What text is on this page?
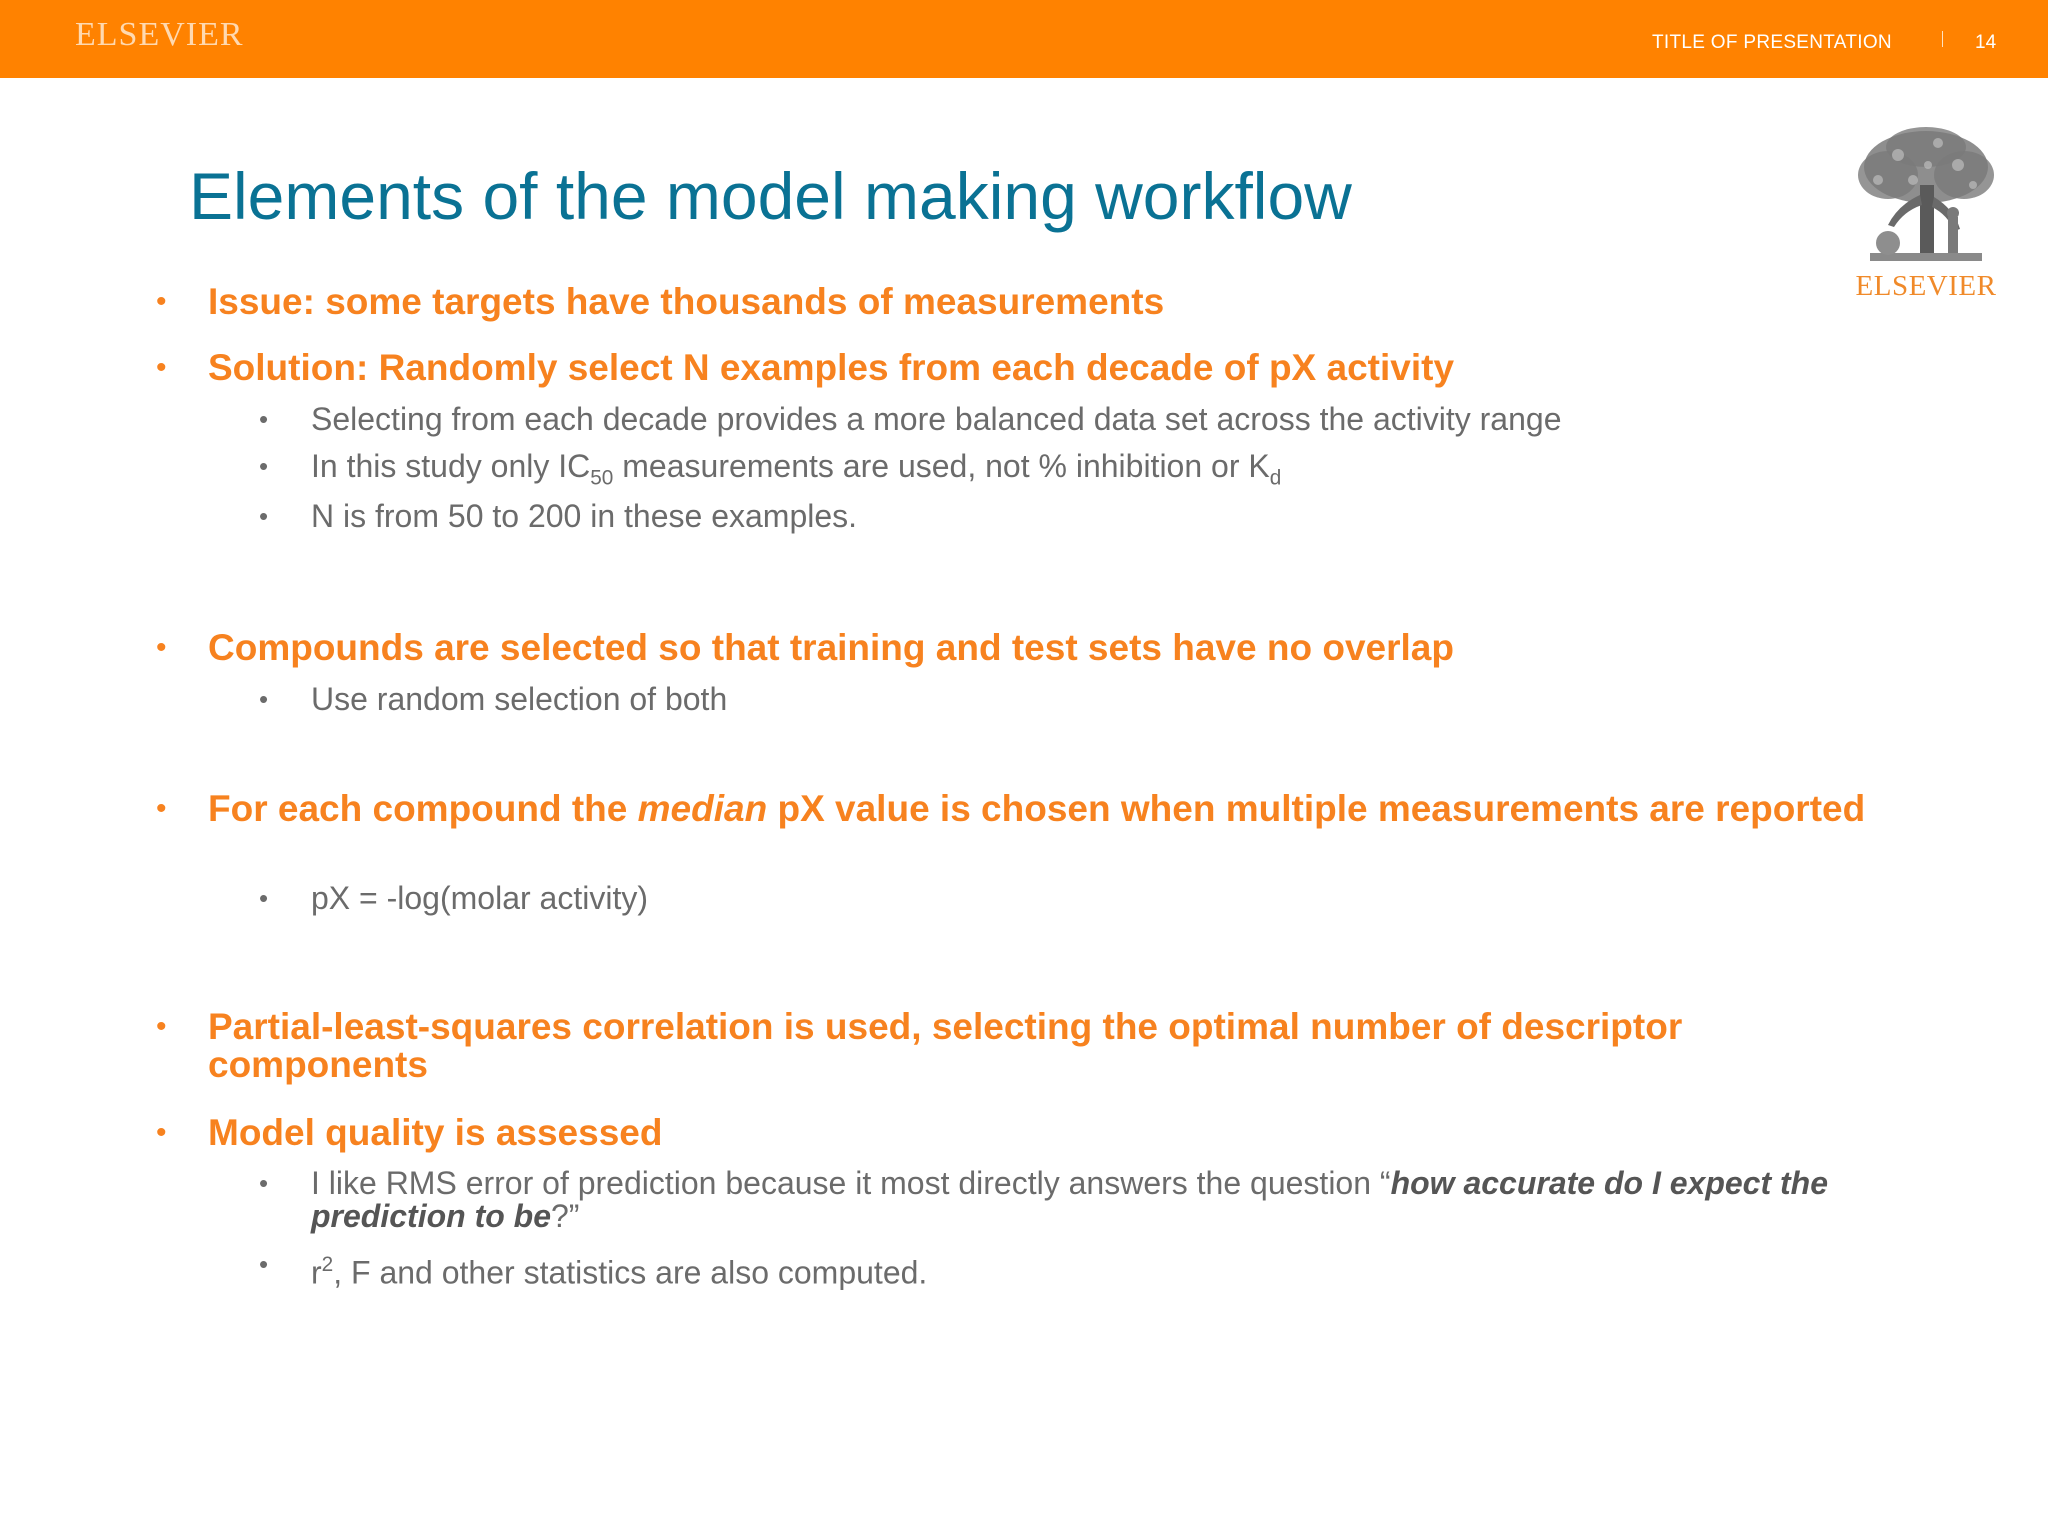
ELSEVIER	TITLE OF PRESENTATION	14
ELSEVIER
Elements of the model making workflow
• Issue: some targets have thousands of measurements
• Solution: Randomly select N examples from each decade of pX activity
• Selecting from each decade provides a more balanced data set across the activity range
• In this study only $IC_{50}$ measurements are used, not % inhibition or $K_d$
• N is from 50 to 200 in these examples.
• Compounds are selected so that training and test sets have no overlap
• Use random selection of both
• For each compound the median pX value is chosen when multiple measurements are reported
• pX = -log(molar activity)
• Partial-least-squares correlation is used, selecting the optimal number of descriptor components
• Model quality is assessed
• I like RMS error of prediction because it most directly answers the question “how accurate do I expect the prediction to be?”
• $r^2$, F and other statistics are also computed.
